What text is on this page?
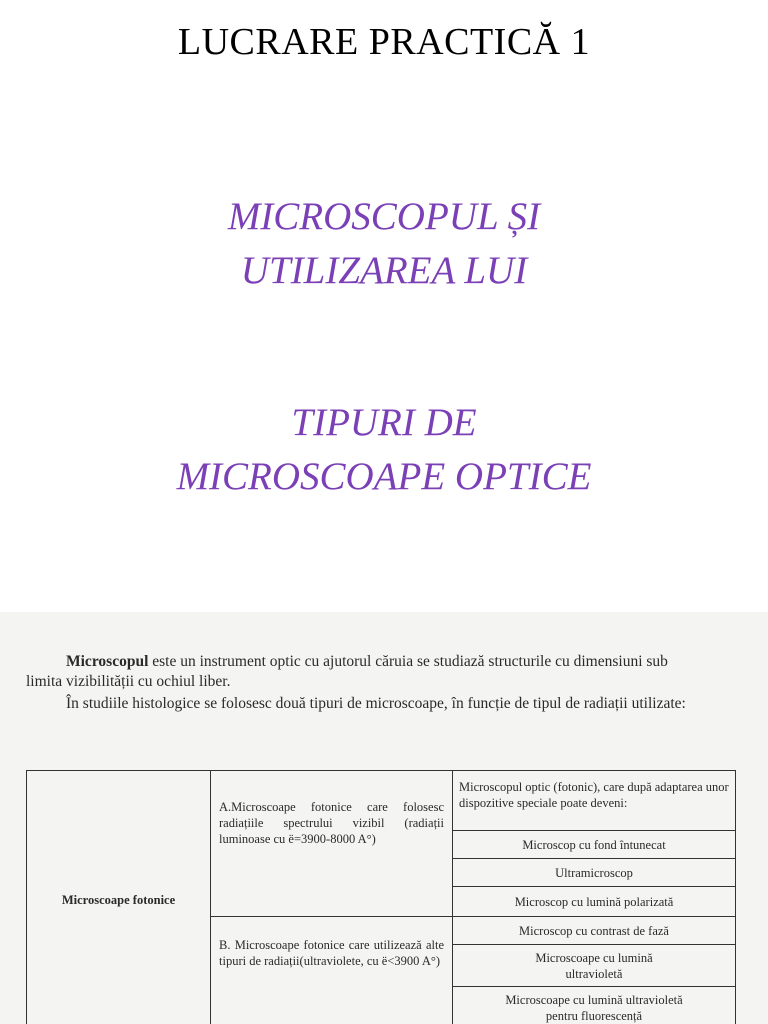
LUCRARE PRACTICĂ 1
MICROSCOPUL ȘI
UTILIZAREA LUI
TIPURI DE
MICROSCOAPE OPTICE
Microscopul este un instrument optic cu ajutorul căruia se studiază structurile cu dimensiuni sub
limita vizibilității cu ochiul liber.
În studiile histologice se folosesc două tipuri de microscoape, în funcție de tipul de radiații utilizate:
Microscoape fotonice
A.Microscoape fotonice care folosesc radiațiile spectrului vizibil (radiații luminoase cu ë=3900-8000 A°)
B. Microscoape fotonice care utilizează alte tipuri de radiații(ultraviolete, cu ë<3900 A°)
Microscopul optic (fotonic), care după adaptarea unor dispozitive speciale poate deveni:
Microscop cu fond întunecat
Ultramicroscop
Microscop cu lumină polarizată
Microscop cu contrast de fază
Microscoape cu lumină ultravioletă
Microscoape cu lumină ultravioletă pentru fluorescență
